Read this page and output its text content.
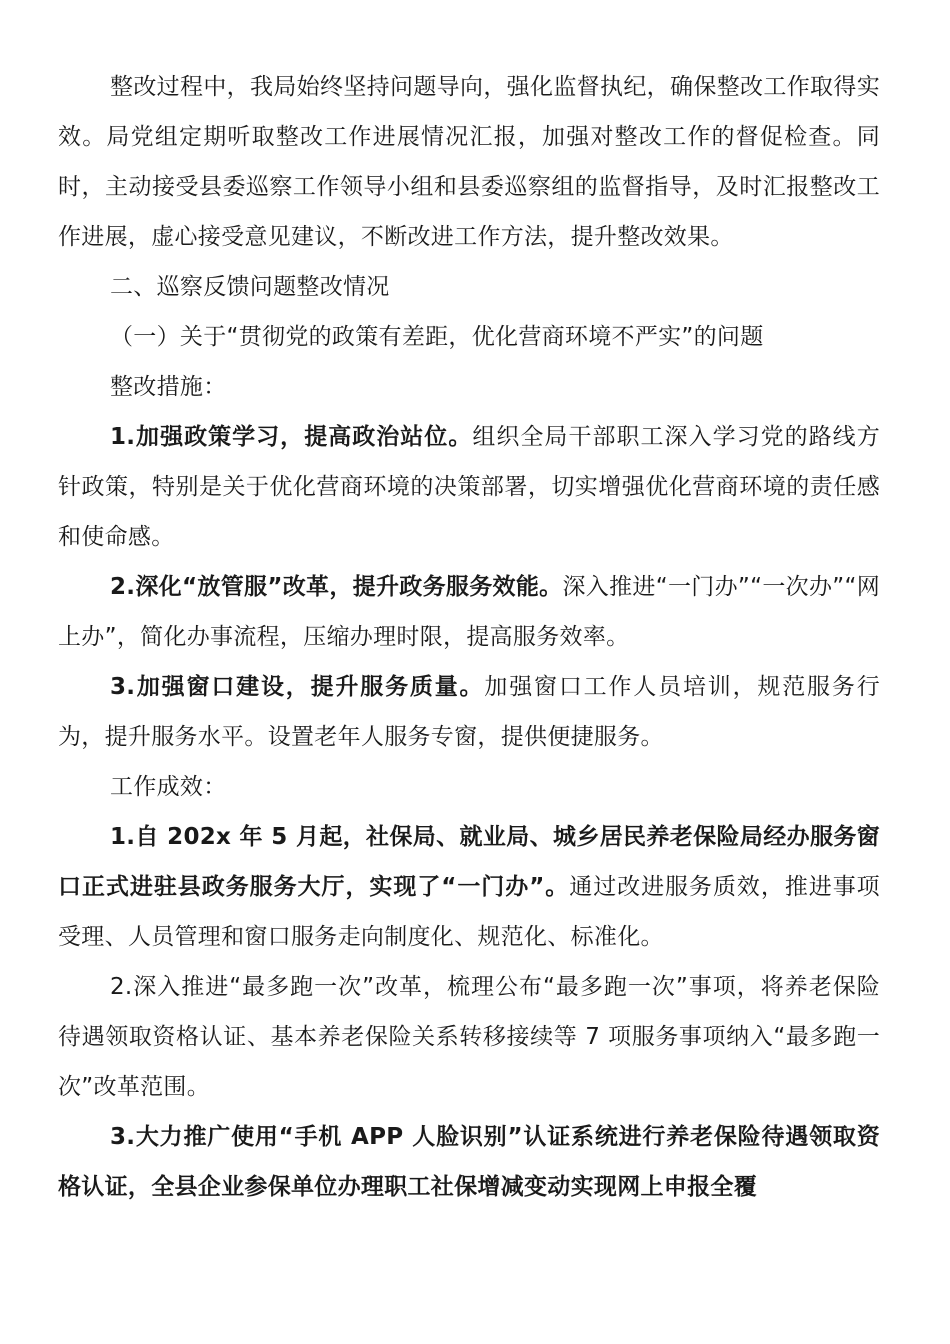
整改过程中，我局始终坚持问题导向，强化监督执纪，确保整改工作取得实效。局党组定期听取整改工作进展情况汇报，加强对整改工作的督促检查。同时，主动接受县委巡察工作领导小组和县委巡察组的监督指导，及时汇报整改工作进展，虚心接受意见建议，不断改进工作方法，提升整改效果。

二、巡察反馈问题整改情况

（一）关于“贯彻党的政策有差距，优化营商环境不严实”的问题

整改措施：

1.加强政策学习，提高政治站位。组织全局干部职工深入学习党的路线方针政策，特别是关于优化营商环境的决策部署，切实增强优化营商环境的责任感和使命感。

2.深化“放管服”改革，提升政务服务效能。深入推进“一门办”“一次办”“网上办”，简化办事流程，压缩办理时限，提高服务效率。

3.加强窗口建设，提升服务质量。加强窗口工作人员培训，规范服务行为，提升服务水平。设置老年人服务专窗，提供便捷服务。

工作成效：

1.自 202x 年 5 月起，社保局、就业局、城乡居民养老保险局经办服务窗口正式进驻县政务服务大厅，实现了“一门办”。通过改进服务质效，推进事项受理、人员管理和窗口服务走向制度化、规范化、标准化。

2.深入推进“最多跑一次”改革，梳理公布“最多跑一次”事项，将养老保险待遇领取资格认证、基本养老保险关系转移接续等 7 项服务事项纳入“最多跑一次”改革范围。

3.大力推广使用“手机 APP 人脸识别”认证系统进行养老保险待遇领取资格认证，全县企业参保单位办理职工社保增减变动实现网上申报全覆
